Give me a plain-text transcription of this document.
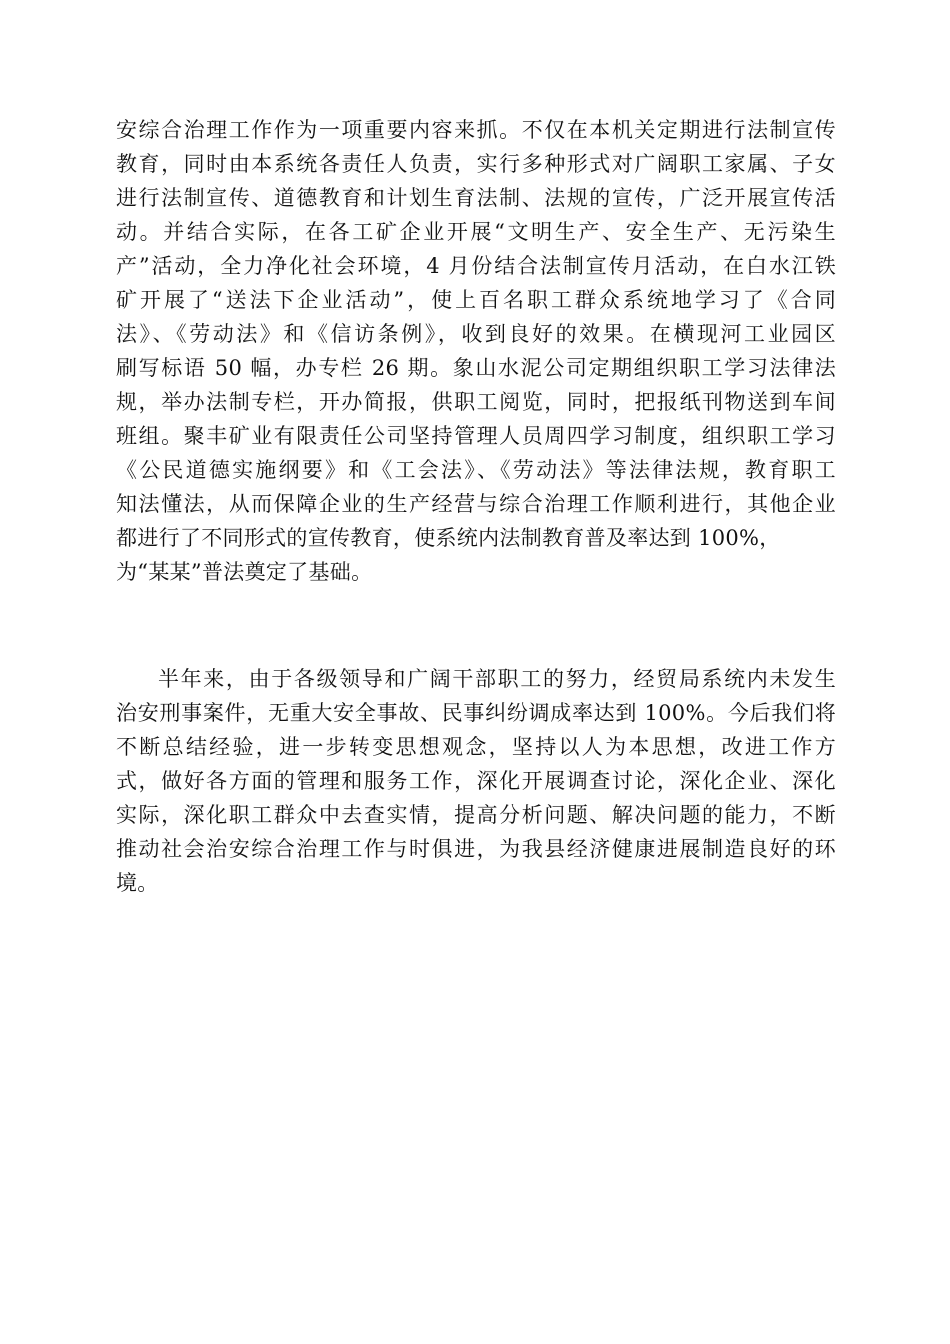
安综合治理工作作为一项重要内容来抓。不仅在本机关定期进行法制宣传
教育，同时由本系统各责任人负责，实行多种形式对广阔职工家属、子女
进行法制宣传、道德教育和计划生育法制、法规的宣传，广泛开展宣传活
动。并结合实际，在各工矿企业开展“文明生产、安全生产、无污染生
产”活动，全力净化社会环境，4 月份结合法制宣传月活动，在白水江铁
矿开展了“送法下企业活动”，使上百名职工群众系统地学习了《合同
法》、《劳动法》和《信访条例》，收到良好的效果。在横现河工业园区
刷写标语 50 幅，办专栏 26 期。象山水泥公司定期组织职工学习法律法
规，举办法制专栏，开办简报，供职工阅览，同时，把报纸刊物送到车间
班组。聚丰矿业有限责任公司坚持管理人员周四学习制度，组织职工学习
《公民道德实施纲要》和《工会法》、《劳动法》等法律法规，教育职工
知法懂法，从而保障企业的生产经营与综合治理工作顺利进行，其他企业
都进行了不同形式的宣传教育，使系统内法制教育普及率达到 100%，
为“某某”普法奠定了基础。
半年来，由于各级领导和广阔干部职工的努力，经贸局系统内未发生
治安刑事案件，无重大安全事故、民事纠纷调成率达到 100%。今后我们将
不断总结经验，进一步转变思想观念，坚持以人为本思想，改进工作方
式，做好各方面的管理和服务工作，深化开展调查讨论，深化企业、深化
实际，深化职工群众中去查实情，提高分析问题、解决问题的能力，不断
推动社会治安综合治理工作与时俱进，为我县经济健康进展制造良好的环
境。
